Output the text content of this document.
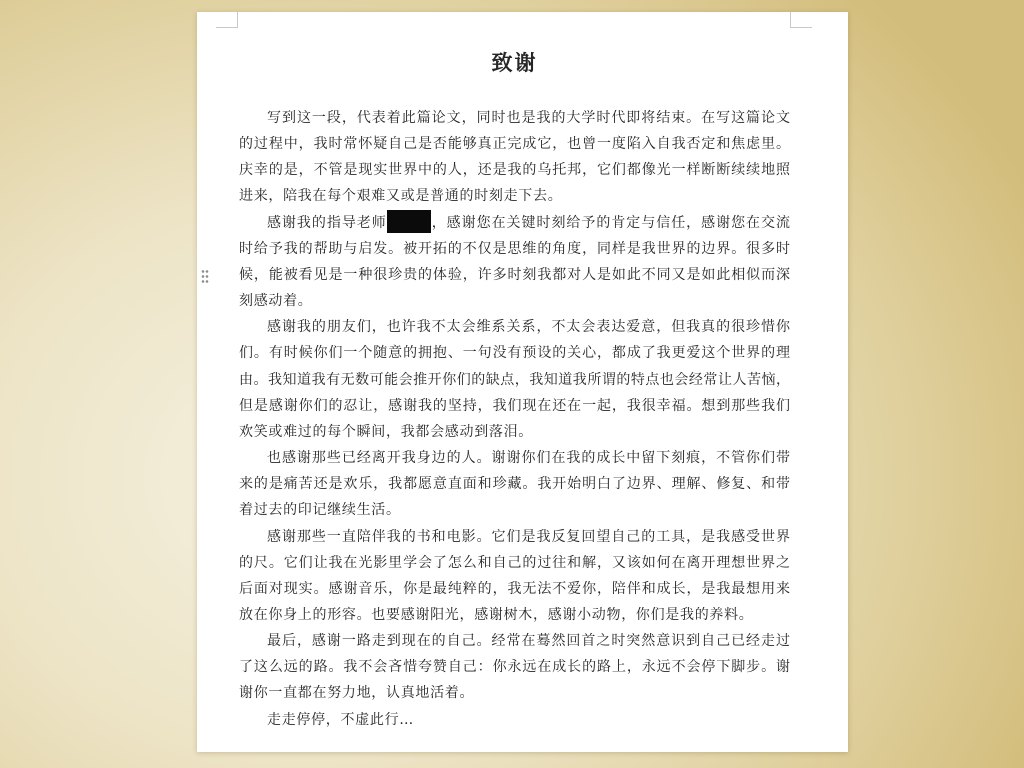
致谢
写到这一段，代表着此篇论文，同时也是我的大学时代即将结束。在写这篇论文
的过程中，我时常怀疑自己是否能够真正完成它，也曾一度陷入自我否定和焦虑里。
庆幸的是，不管是现实世界中的人，还是我的乌托邦，它们都像光一样断断续续地照
进来，陪我在每个艰难又或是普通的时刻走下去。
感谢我的指导老师	，感谢您在关键时刻给予的肯定与信任，感谢您在交流
时给予我的帮助与启发。被开拓的不仅是思维的角度，同样是我世界的边界。很多时
候，能被看见是一种很珍贵的体验，许多时刻我都对人是如此不同又是如此相似而深
刻感动着。
感谢我的朋友们，也许我不太会维系关系，不太会表达爱意，但我真的很珍惜你
们。有时候你们一个随意的拥抱、一句没有预设的关心，都成了我更爱这个世界的理
由。我知道我有无数可能会推开你们的缺点，我知道我所谓的特点也会经常让人苦恼，
但是感谢你们的忍让，感谢我的坚持，我们现在还在一起，我很幸福。想到那些我们
欢笑或难过的每个瞬间，我都会感动到落泪。
也感谢那些已经离开我身边的人。谢谢你们在我的成长中留下刻痕，不管你们带
来的是痛苦还是欢乐，我都愿意直面和珍藏。我开始明白了边界、理解、修复、和带
着过去的印记继续生活。
感谢那些一直陪伴我的书和电影。它们是我反复回望自己的工具，是我感受世界
的尺。它们让我在光影里学会了怎么和自己的过往和解，又该如何在离开理想世界之
后面对现实。感谢音乐，你是最纯粹的，我无法不爱你，陪伴和成长，是我最想用来
放在你身上的形容。也要感谢阳光，感谢树木，感谢小动物，你们是我的养料。
最后，感谢一路走到现在的自己。经常在蓦然回首之时突然意识到自己已经走过
了这么远的路。我不会吝惜夸赞自己：你永远在成长的路上，永远不会停下脚步。谢
谢你一直都在努力地，认真地活着。
走走停停，不虚此行…
